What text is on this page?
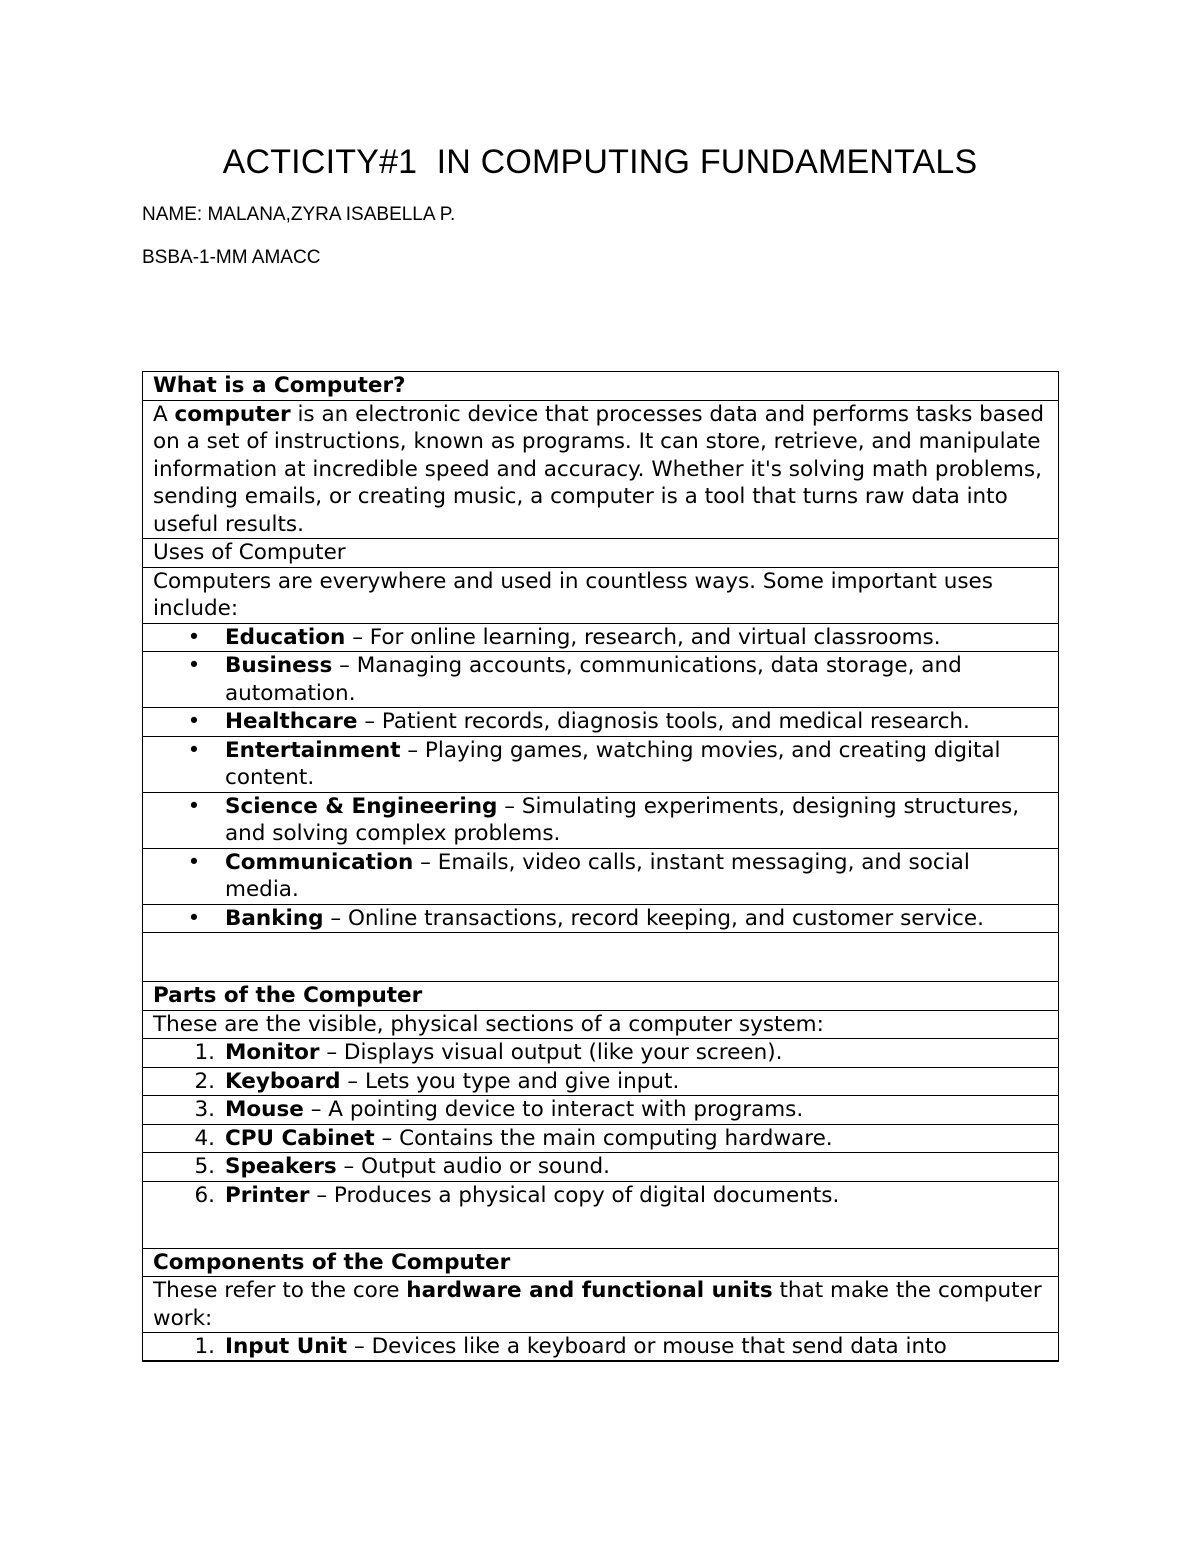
ACTICITY#1  IN COMPUTING FUNDAMENTALS
NAME: MALANA,ZYRA ISABELLA P.
BSBA-1-MM AMACC
What is a Computer?
A computer is an electronic device that processes data and performs tasks based on a set of instructions, known as programs. It can store, retrieve, and manipulate information at incredible speed and accuracy. Whether it's solving math problems, sending emails, or creating music, a computer is a tool that turns raw data into useful results.
Uses of Computer
Computers are everywhere and used in countless ways. Some important uses include:

•	Education – For online learning, research, and virtual classrooms.

•	Business – Managing accounts, communications, data storage, and automation.

•	Healthcare – Patient records, diagnosis tools, and medical research.

•	Entertainment – Playing games, watching movies, and creating digital content.

•	Science & Engineering – Simulating experiments, designing structures, and solving complex problems.

•	Communication – Emails, video calls, instant messaging, and social media.

•	Banking – Online transactions, record keeping, and customer service.

Parts of the Computer
These are the visible, physical sections of a computer system:

1. Monitor – Displays visual output (like your screen).

2. Keyboard – Lets you type and give input.

3. Mouse – A pointing device to interact with programs.

4. CPU Cabinet – Contains the main computing hardware.

5. Speakers – Output audio or sound.

6. Printer – Produces a physical copy of digital documents.

Components of the Computer
These refer to the core hardware and functional units that make the computer work:

1. Input Unit – Devices like a keyboard or mouse that send data into
